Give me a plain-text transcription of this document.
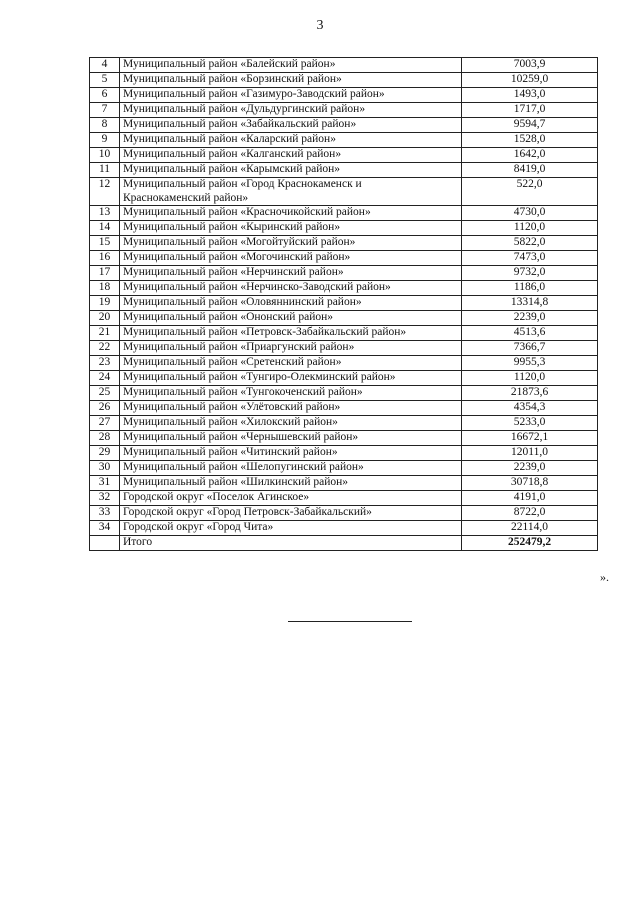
3
4	Муниципальный район «Балейский район»	7003,9
5	Муниципальный район «Борзинский район»	10259,0
6	Муниципальный район «Газимуро-Заводский район»	1493,0
7	Муниципальный район «Дульдургинский район»	1717,0
8	Муниципальный район «Забайкальский район»	9594,7
9	Муниципальный район «Каларский район»	1528,0
10	Муниципальный район «Калганский район»	1642,0
11	Муниципальный район «Карымский район»	8419,0
12	Муниципальный район «Город Краснокаменск и
Краснокаменский район»	522,0
13	Муниципальный район «Красночикойский район»	4730,0
14	Муниципальный район «Кыринский район»	1120,0
15	Муниципальный район «Могойтуйский район»	5822,0
16	Муниципальный район «Могочинский район»	7473,0
17	Муниципальный район «Нерчинский район»	9732,0
18	Муниципальный район «Нерчинско-Заводский район»	1186,0
19	Муниципальный район «Оловяннинский район»	13314,8
20	Муниципальный район «Ононский район»	2239,0
21	Муниципальный район «Петровск-Забайкальский район»	4513,6
22	Муниципальный район «Приаргунский район»	7366,7
23	Муниципальный район «Сретенский район»	9955,3
24	Муниципальный район «Тунгиро-Олекминский район»	1120,0
25	Муниципальный район «Тунгокоченский район»	21873,6
26	Муниципальный район «Улётовский район»	4354,3
27	Муниципальный район «Хилокский район»	5233,0
28	Муниципальный район «Чернышевский район»	16672,1
29	Муниципальный район «Читинский район»	12011,0
30	Муниципальный район «Шелопугинский район»	2239,0
31	Муниципальный район «Шилкинский район»	30718,8
32	Городской округ «Поселок Агинское»	4191,0
33	Городской округ «Город Петровск-Забайкальский»	8722,0
34	Городской округ «Город Чита»	22114,0
	Итого	252479,2
».
